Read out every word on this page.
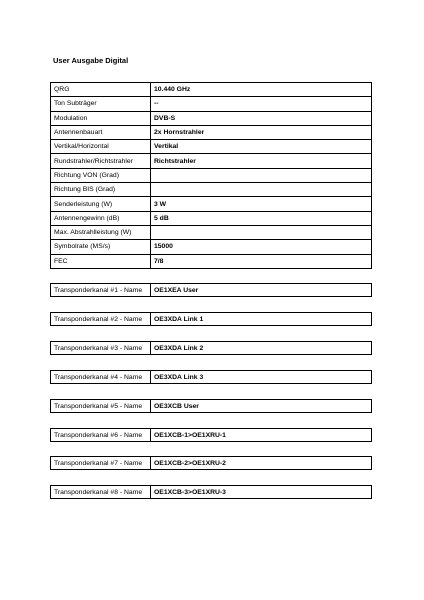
User Ausgabe Digital
QRG	10.440 GHz
Ton Subträger	--
Modulation	DVB-S
Antennenbauart	2x Hornstrahler
Vertikal/Horizontal	Vertikal
Rundstrahler/Richtstrahler	Richtstrahler
Richtung VON (Grad)	
Richtung BIS (Grad)	
Senderleistung (W)	3 W
Antennengewinn (dB)	5 dB
Max. Abstrahlleistung (W)	
Symbolrate (MS/s)	15000
FEC	7/8
Transponderkanal #1 - Name	OE1XEA User
Transponderkanal #2 - Name	OE3XDA Link 1
Transponderkanal #3 - Name	OE3XDA Link 2
Transponderkanal #4 - Name	OE3XDA Link 3
Transponderkanal #5 - Name	OE3XCB User
Transponderkanal #6 - Name	OE1XCB-1>OE1XRU-1
Transponderkanal #7 - Name	OE1XCB-2>OE1XRU-2
Transponderkanal #8 - Name	OE1XCB-3>OE1XRU-3
